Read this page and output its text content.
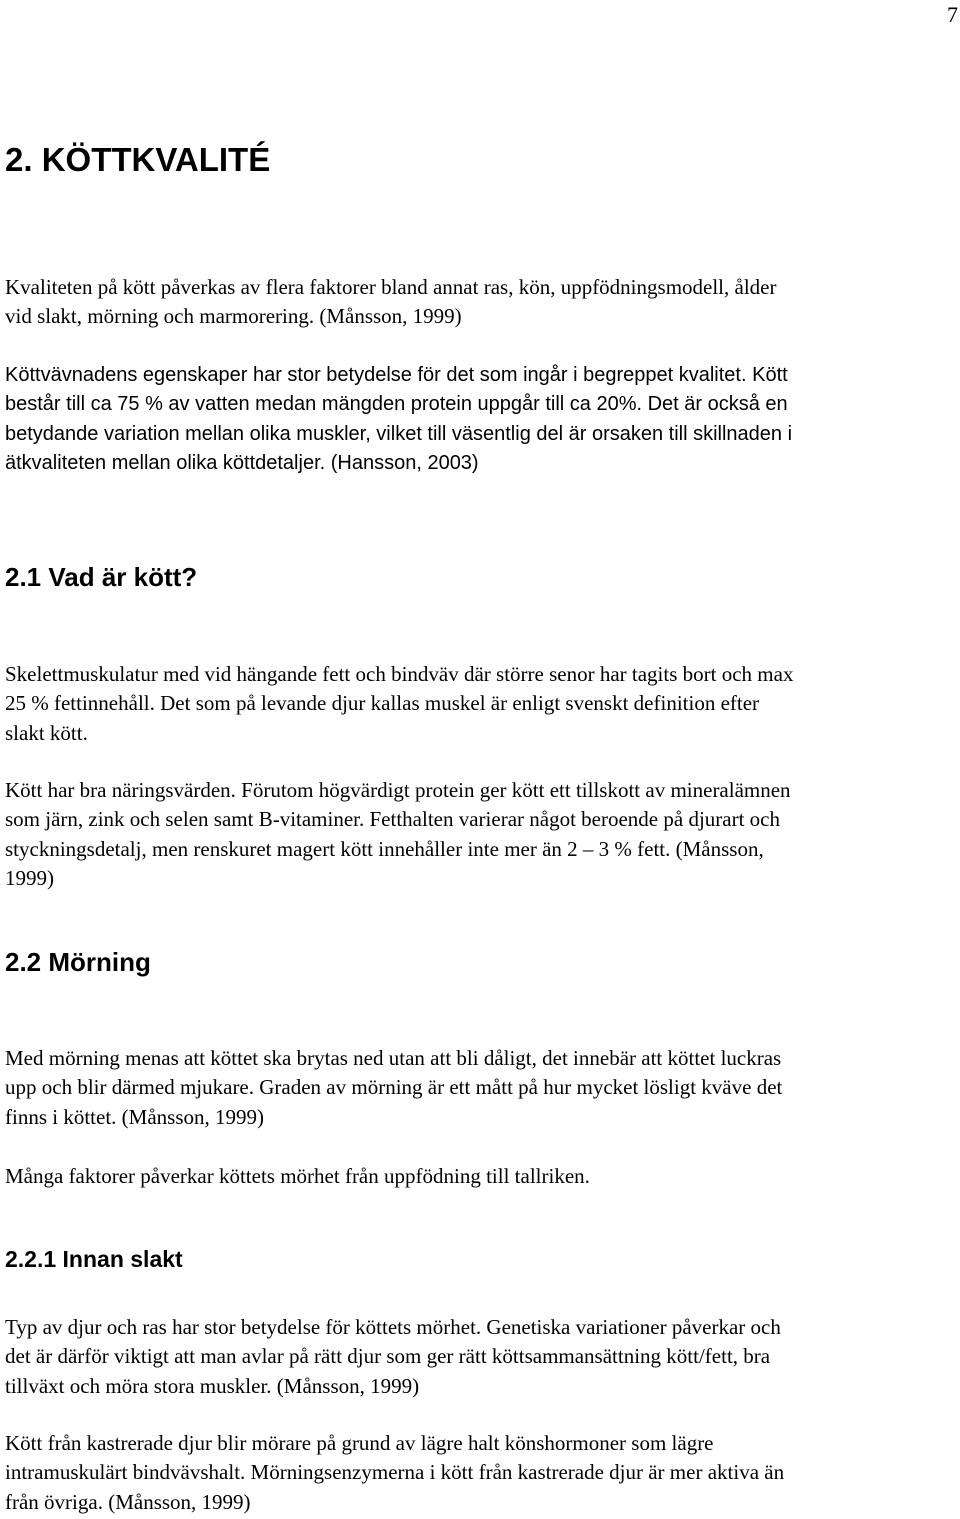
7
2. KÖTTKVALITÉ

Kvaliteten på kött påverkas av flera faktorer bland annat ras, kön, uppfödningsmodell, ålder
vid slakt, mörning och marmorering. (Månsson, 1999)

Köttvävnadens egenskaper har stor betydelse för det som ingår i begreppet kvalitet. Kött
består till ca 75 % av vatten medan mängden protein uppgår till ca 20%. Det är också en
betydande variation mellan olika muskler, vilket till väsentlig del är orsaken till skillnaden i
ätkvaliteten mellan olika köttdetaljer. (Hansson, 2003)

2.1 Vad är kött?

Skelettmuskulatur med vid hängande fett och bindväv där större senor har tagits bort och max
25 % fettinnehåll. Det som på levande djur kallas muskel är enligt svenskt definition efter
slakt kött.

Kött har bra näringsvärden. Förutom högvärdigt protein ger kött ett tillskott av mineralämnen
som järn, zink och selen samt B-vitaminer. Fetthalten varierar något beroende på djurart och
styckningsdetalj, men renskuret magert kött innehåller inte mer än 2 – 3 % fett. (Månsson,
1999)

2.2 Mörning

Med mörning menas att köttet ska brytas ned utan att bli dåligt, det innebär att köttet luckras
upp och blir därmed mjukare. Graden av mörning är ett mått på hur mycket lösligt kväve det
finns i köttet. (Månsson, 1999)

Många faktorer påverkar köttets mörhet från uppfödning till tallriken.

2.2.1 Innan slakt

Typ av djur och ras har stor betydelse för köttets mörhet. Genetiska variationer påverkar och
det är därför viktigt att man avlar på rätt djur som ger rätt köttsammansättning kött/fett, bra
tillväxt och möra stora muskler. (Månsson, 1999)

Kött från kastrerade djur blir mörare på grund av lägre halt könshormoner som lägre
intramuskulärt bindvävshalt. Mörningsenzymerna i kött från kastrerade djur är mer aktiva än
från övriga. (Månsson, 1999)
